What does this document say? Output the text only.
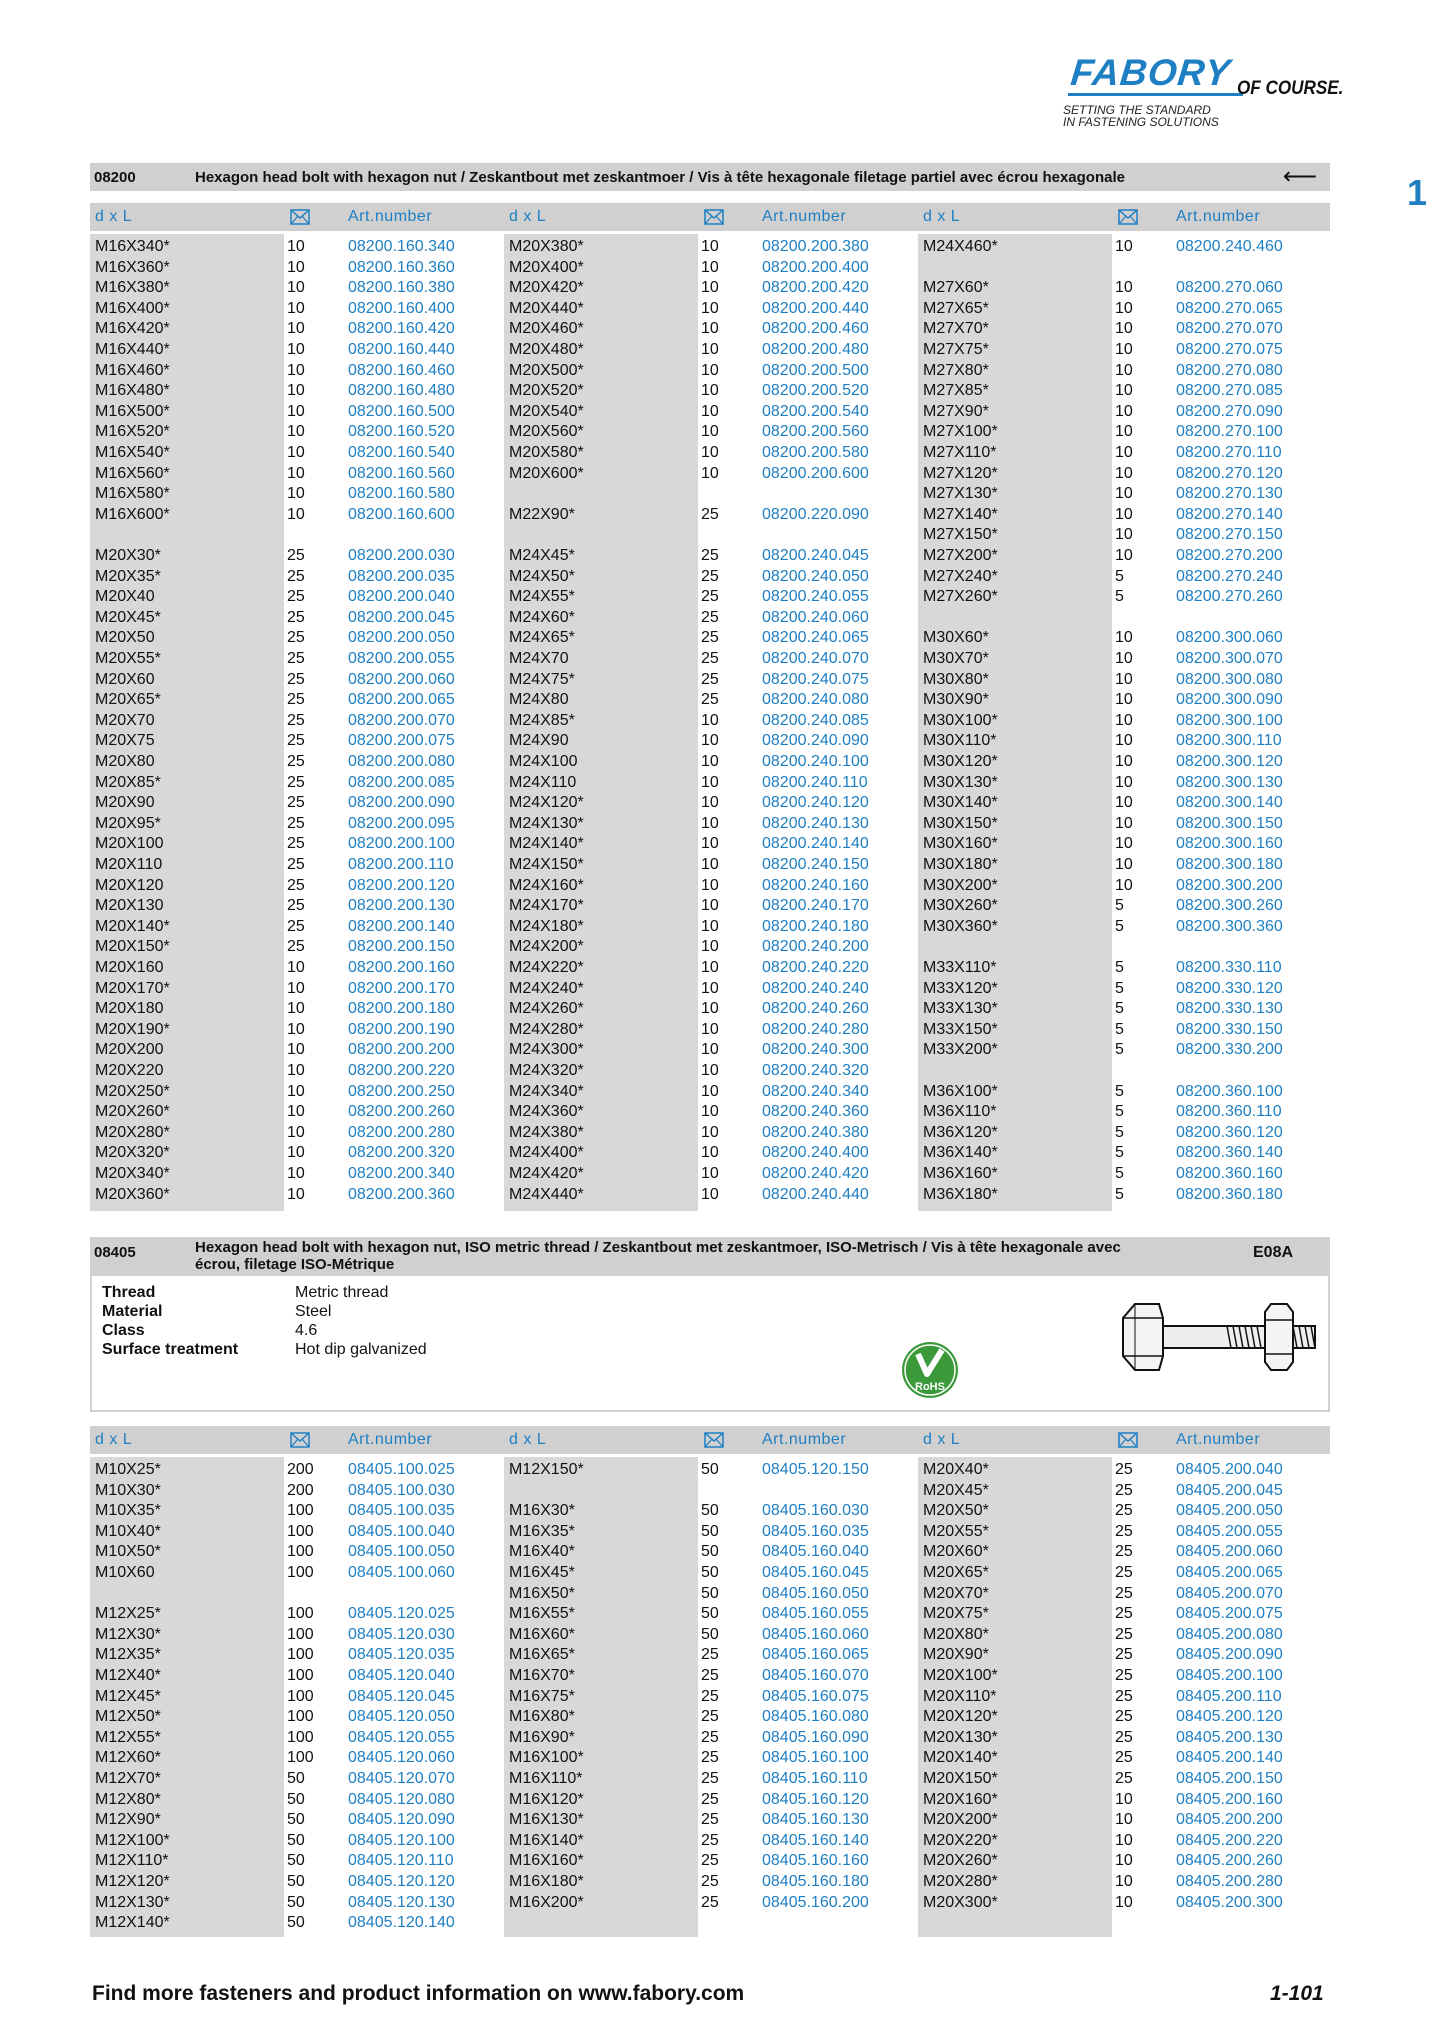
FABORY OF COURSE.
SETTING THE STANDARD
IN FASTENING SOLUTIONS
1
08200	Hexagon head bolt with hexagon nut / Zeskantbout met zeskantmoer / Vis à tête hexagonale filetage partiel avec écrou hexagonale	⟵
d x L	Art.number	d x L	Art.number	d x L	Art.number
M16X340*	10	08200.160.340
M16X360*	10	08200.160.360
M16X380*	10	08200.160.380
M16X400*	10	08200.160.400
M16X420*	10	08200.160.420
M16X440*	10	08200.160.440
M16X460*	10	08200.160.460
M16X480*	10	08200.160.480
M16X500*	10	08200.160.500
M16X520*	10	08200.160.520
M16X540*	10	08200.160.540
M16X560*	10	08200.160.560
M16X580*	10	08200.160.580
M16X600*	10	08200.160.600
M20X30*	25	08200.200.030
M20X35*	25	08200.200.035
M20X40	25	08200.200.040
M20X45*	25	08200.200.045
M20X50	25	08200.200.050
M20X55*	25	08200.200.055
M20X60	25	08200.200.060
M20X65*	25	08200.200.065
M20X70	25	08200.200.070
M20X75	25	08200.200.075
M20X80	25	08200.200.080
M20X85*	25	08200.200.085
M20X90	25	08200.200.090
M20X95*	25	08200.200.095
M20X100	25	08200.200.100
M20X110	25	08200.200.110
M20X120	25	08200.200.120
M20X130	25	08200.200.130
M20X140*	25	08200.200.140
M20X150*	25	08200.200.150
M20X160	10	08200.200.160
M20X170*	10	08200.200.170
M20X180	10	08200.200.180
M20X190*	10	08200.200.190
M20X200	10	08200.200.200
M20X220	10	08200.200.220
M20X250*	10	08200.200.250
M20X260*	10	08200.200.260
M20X280*	10	08200.200.280
M20X320*	10	08200.200.320
M20X340*	10	08200.200.340
M20X360*	10	08200.200.360
M20X380*	10	08200.200.380
M20X400*	10	08200.200.400
M20X420*	10	08200.200.420
M20X440*	10	08200.200.440
M20X460*	10	08200.200.460
M20X480*	10	08200.200.480
M20X500*	10	08200.200.500
M20X520*	10	08200.200.520
M20X540*	10	08200.200.540
M20X560*	10	08200.200.560
M20X580*	10	08200.200.580
M20X600*	10	08200.200.600
M22X90*	25	08200.220.090
M24X45*	25	08200.240.045
M24X50*	25	08200.240.050
M24X55*	25	08200.240.055
M24X60*	25	08200.240.060
M24X65*	25	08200.240.065
M24X70	25	08200.240.070
M24X75*	25	08200.240.075
M24X80	25	08200.240.080
M24X85*	10	08200.240.085
M24X90	10	08200.240.090
M24X100	10	08200.240.100
M24X110	10	08200.240.110
M24X120*	10	08200.240.120
M24X130*	10	08200.240.130
M24X140*	10	08200.240.140
M24X150*	10	08200.240.150
M24X160*	10	08200.240.160
M24X170*	10	08200.240.170
M24X180*	10	08200.240.180
M24X200*	10	08200.240.200
M24X220*	10	08200.240.220
M24X240*	10	08200.240.240
M24X260*	10	08200.240.260
M24X280*	10	08200.240.280
M24X300*	10	08200.240.300
M24X320*	10	08200.240.320
M24X340*	10	08200.240.340
M24X360*	10	08200.240.360
M24X380*	10	08200.240.380
M24X400*	10	08200.240.400
M24X420*	10	08200.240.420
M24X440*	10	08200.240.440
M24X460*	10	08200.240.460
M27X60*	10	08200.270.060
M27X65*	10	08200.270.065
M27X70*	10	08200.270.070
M27X75*	10	08200.270.075
M27X80*	10	08200.270.080
M27X85*	10	08200.270.085
M27X90*	10	08200.270.090
M27X100*	10	08200.270.100
M27X110*	10	08200.270.110
M27X120*	10	08200.270.120
M27X130*	10	08200.270.130
M27X140*	10	08200.270.140
M27X150*	10	08200.270.150
M27X200*	10	08200.270.200
M27X240*	5	08200.270.240
M27X260*	5	08200.270.260
M30X60*	10	08200.300.060
M30X70*	10	08200.300.070
M30X80*	10	08200.300.080
M30X90*	10	08200.300.090
M30X100*	10	08200.300.100
M30X110*	10	08200.300.110
M30X120*	10	08200.300.120
M30X130*	10	08200.300.130
M30X140*	10	08200.300.140
M30X150*	10	08200.300.150
M30X160*	10	08200.300.160
M30X180*	10	08200.300.180
M30X200*	10	08200.300.200
M30X260*	5	08200.300.260
M30X360*	5	08200.300.360
M33X110*	5	08200.330.110
M33X120*	5	08200.330.120
M33X130*	5	08200.330.130
M33X150*	5	08200.330.150
M33X200*	5	08200.330.200
M36X100*	5	08200.360.100
M36X110*	5	08200.360.110
M36X120*	5	08200.360.120
M36X140*	5	08200.360.140
M36X160*	5	08200.360.160
M36X180*	5	08200.360.180
08405	Hexagon head bolt with hexagon nut, ISO metric thread / Zeskantbout met zeskantmoer, ISO-Metrisch / Vis à tête hexagonale avec
écrou, filetage ISO-Métrique
E08A
Thread	Metric thread
Material	Steel
Class	4.6
Surface treatment	Hot dip galvanized
RoHS
d x L	Art.number	d x L	Art.number	d x L	Art.number
M10X25*	200 08405.100.025
M10X30*	200 08405.100.030
M10X35*	100 08405.100.035
M10X40*	100 08405.100.040
M10X50*	100 08405.100.050
M10X60	100 08405.100.060
M12X25*	100 08405.120.025
M12X30*	100 08405.120.030
M12X35*	100 08405.120.035
M12X40*	100 08405.120.040
M12X45*	100 08405.120.045
M12X50*	100 08405.120.050
M12X55*	100 08405.120.055
M12X60*	100 08405.120.060
M12X70*	50	08405.120.070
M12X80*	50	08405.120.080
M12X90*	50	08405.120.090
M12X100*	50	08405.120.100
M12X110*	50	08405.120.110
M12X120*	50	08405.120.120
M12X130*	50	08405.120.130
M12X140*	50	08405.120.140
M12X150*	50	08405.120.150
M16X30*	50	08405.160.030
M16X35*	50	08405.160.035
M16X40*	50	08405.160.040
M16X45*	50	08405.160.045
M16X50*	50	08405.160.050
M16X55*	50	08405.160.055
M16X60*	50	08405.160.060
M16X65*	25	08405.160.065
M16X70*	25	08405.160.070
M16X75*	25	08405.160.075
M16X80*	25	08405.160.080
M16X90*	25	08405.160.090
M16X100*	25	08405.160.100
M16X110*	25	08405.160.110
M16X120*	25	08405.160.120
M16X130*	25	08405.160.130
M16X140*	25	08405.160.140
M16X160*	25	08405.160.160
M16X180*	25	08405.160.180
M16X200*	25	08405.160.200
M20X40*	25	08405.200.040
M20X45*	25	08405.200.045
M20X50*	25	08405.200.050
M20X55*	25	08405.200.055
M20X60*	25	08405.200.060
M20X65*	25	08405.200.065
M20X70*	25	08405.200.070
M20X75*	25	08405.200.075
M20X80*	25	08405.200.080
M20X90*	25	08405.200.090
M20X100*	25	08405.200.100
M20X110*	25	08405.200.110
M20X120*	25	08405.200.120
M20X130*	25	08405.200.130
M20X140*	25	08405.200.140
M20X150*	25	08405.200.150
M20X160*	10	08405.200.160
M20X200*	10	08405.200.200
M20X220*	10	08405.200.220
M20X260*	10	08405.200.260
M20X280*	10	08405.200.280
M20X300*	10	08405.200.300
Find more fasteners and product information on www.fabory.com	1-101
